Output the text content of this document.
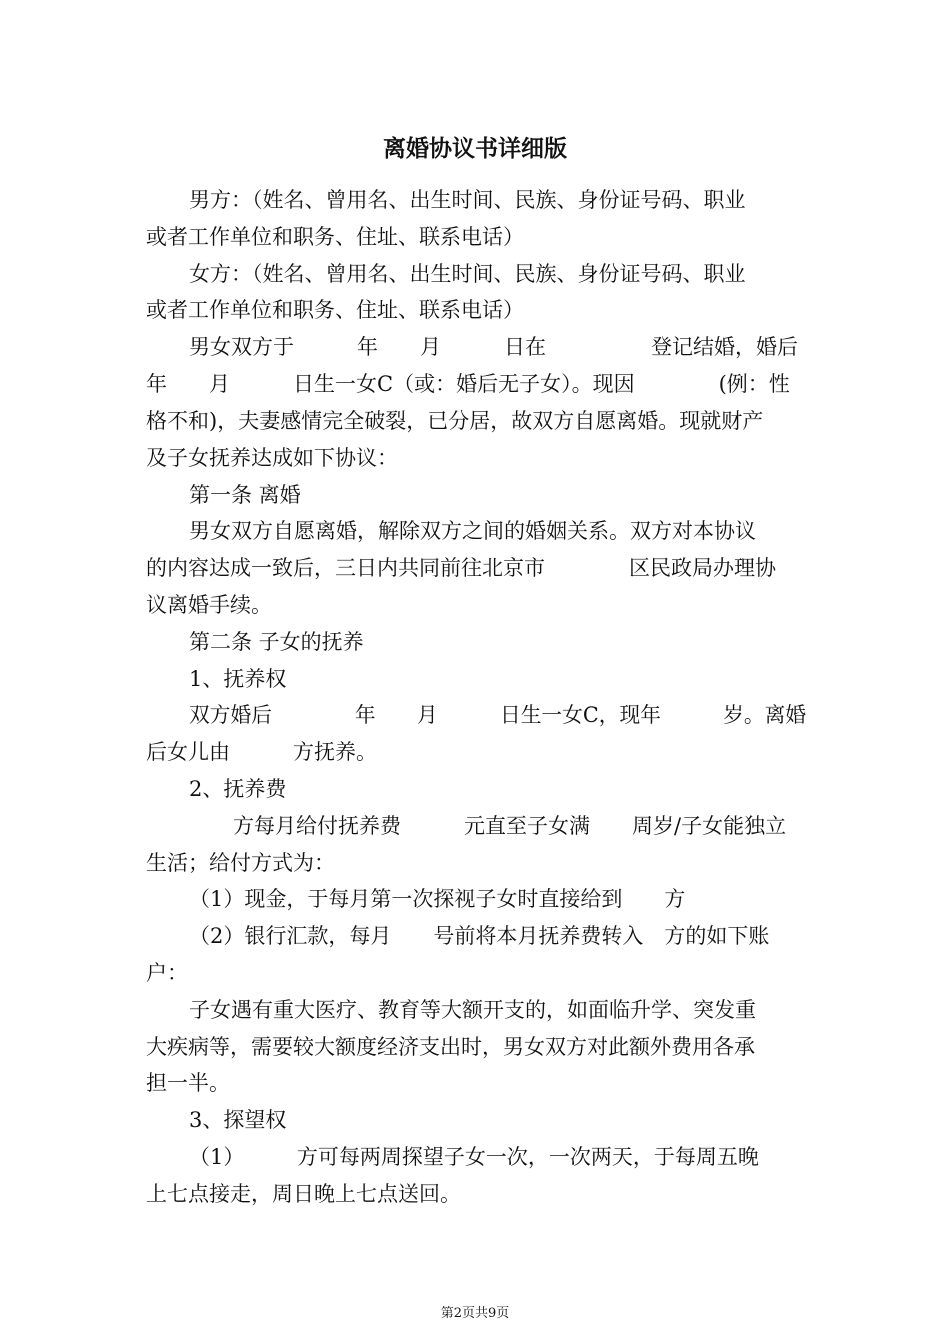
离婚协议书详细版

男方：（姓名、曾用名、出生时间、民族、身份证号码、职业

或者工作单位和职务、住址、联系电话）

女方：（姓名、曾用名、出生时间、民族、身份证号码、职业

或者工作单位和职务、住址、联系电话）

男女双方于　　　年　　月　　　日在　　　　　登记结婚，婚后

年　　月　　　日生一女C（或：婚后无子女）。现因　　　　(例：性

格不和)，夫妻感情完全破裂，已分居，故双方自愿离婚。现就财产

及子女抚养达成如下协议：

第一条 离婚

男女双方自愿离婚，解除双方之间的婚姻关系。双方对本协议

的内容达成一致后，三日内共同前往北京市　　　　区民政局办理协

议离婚手续。

第二条 子女的抚养

1、抚养权

双方婚后　　　　年　　月　　　日生一女C，现年　　　岁。离婚

后女儿由　　　方抚养。

2、抚养费

方每月给付抚养费　　　元直至子女满　　周岁/子女能独立

生活；给付方式为：

（1）现金，于每月第一次探视子女时直接给到　　方

（2）银行汇款，每月　　号前将本月抚养费转入　方的如下账

户：

子女遇有重大医疗、教育等大额开支的，如面临升学、突发重

大疾病等，需要较大额度经济支出时，男女双方对此额外费用各承

担一半。

3、探望权

（1）　　　方可每两周探望子女一次，一次两天，于每周五晚

上七点接走，周日晚上七点送回。

第2页共9页
